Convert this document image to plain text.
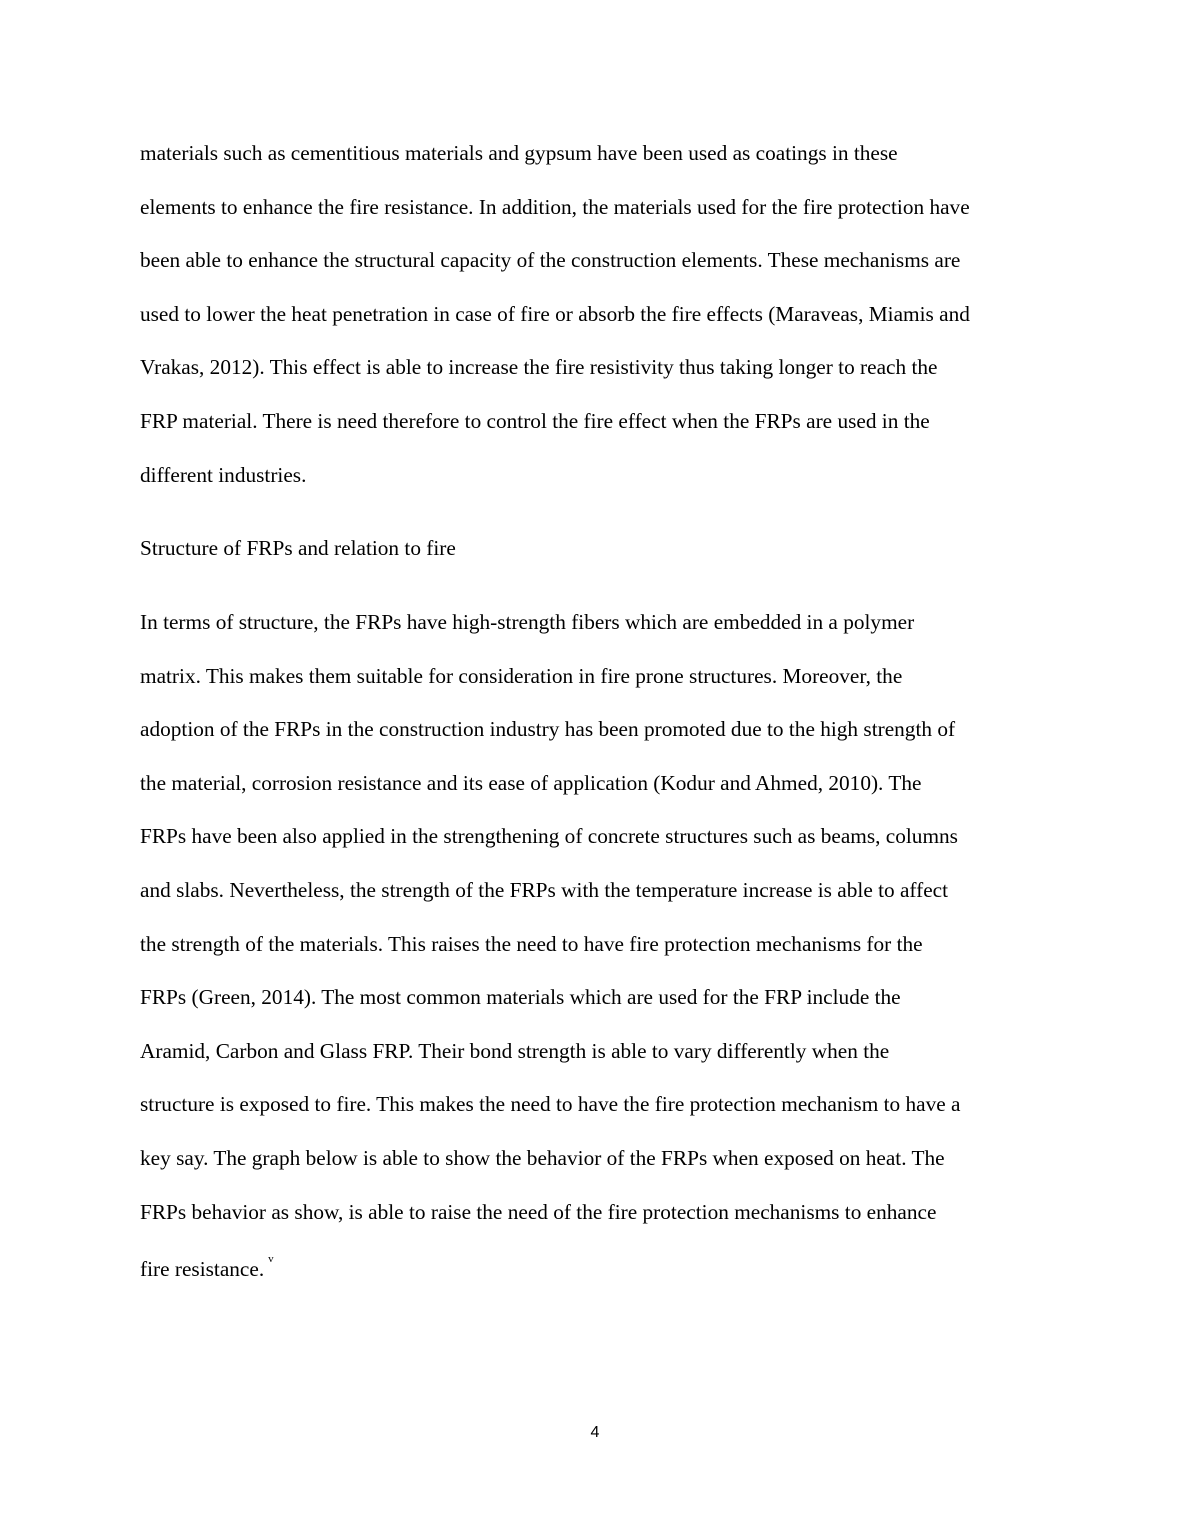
materials such as cementitious materials and gypsum have been used as coatings in these
elements to enhance the fire resistance. In addition, the materials used for the fire protection have
been able to enhance the structural capacity of the construction elements. These mechanisms are
used to lower the heat penetration in case of fire or absorb the fire effects (Maraveas, Miamis and
Vrakas, 2012). This effect is able to increase the fire resistivity thus taking longer to reach the
FRP material. There is need therefore to control the fire effect when the FRPs are used in the
different industries.
Structure of FRPs and relation to fire
In terms of structure, the FRPs have high-strength fibers which are embedded in a polymer
matrix. This makes them suitable for consideration in fire prone structures. Moreover, the
adoption of the FRPs in the construction industry has been promoted due to the high strength of
the material, corrosion resistance and its ease of application (Kodur and Ahmed, 2010). The
FRPs have been also applied in the strengthening of concrete structures such as beams, columns
and slabs. Nevertheless, the strength of the FRPs with the temperature increase is able to affect
the strength of the materials. This raises the need to have fire protection mechanisms for the
FRPs (Green, 2014). The most common materials which are used for the FRP include the
Aramid, Carbon and Glass FRP. Their bond strength is able to vary differently when the
structure is exposed to fire. This makes the need to have the fire protection mechanism to have a
key say. The graph below is able to show the behavior of the FRPs when exposed on heat. The
FRPs behavior as show, is able to raise the need of the fire protection mechanisms to enhance
fire resistance. $^v$
4
